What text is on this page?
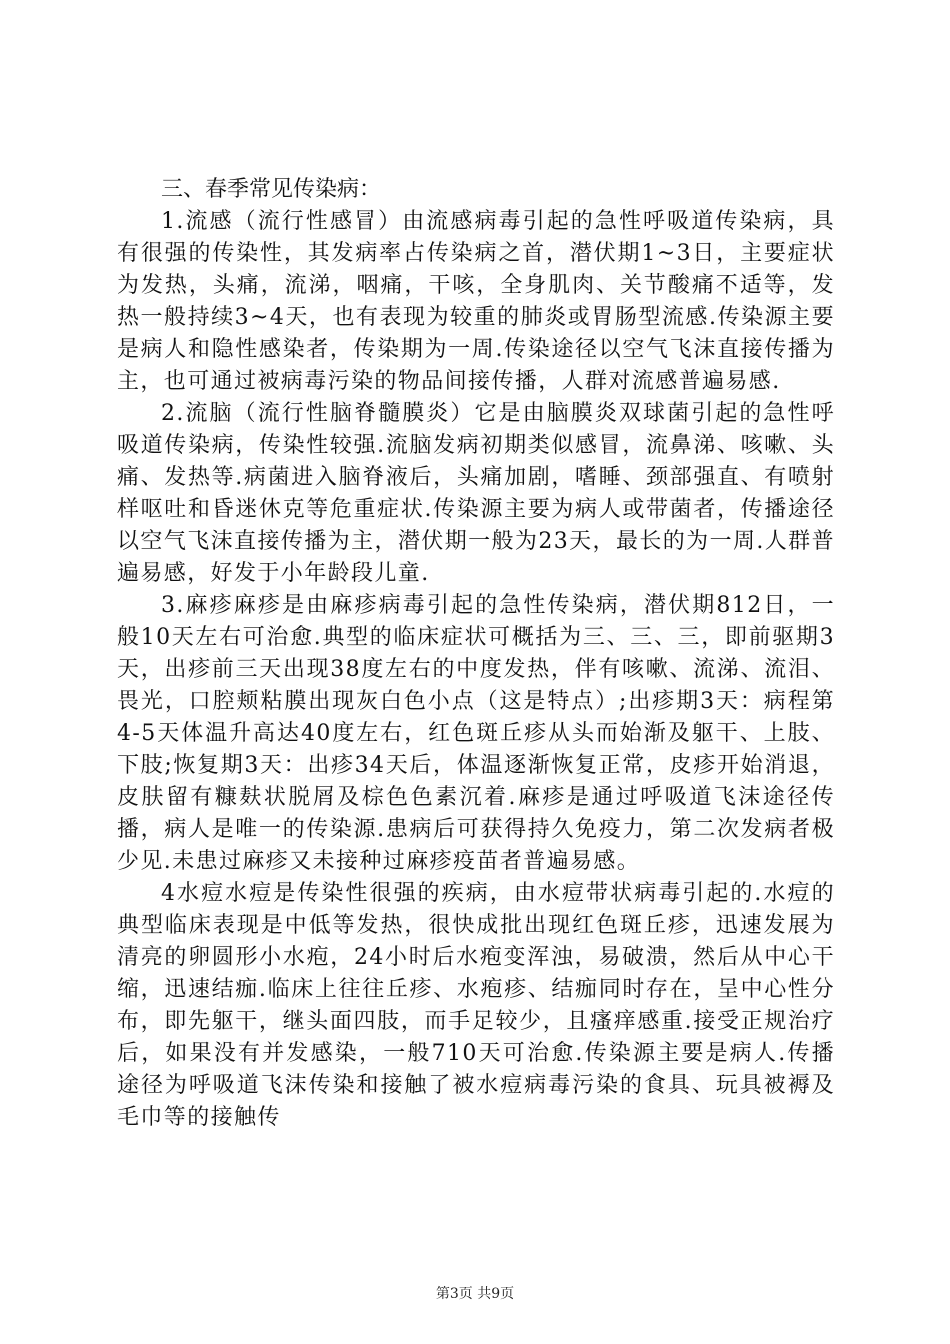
三、春季常见传染病：

1.流感（流行性感冒）由流感病毒引起的急性呼吸道传染病，具有很强的传染性，其发病率占传染病之首，潜伏期1~3日，主要症状为发热，头痛，流涕，咽痛，干咳，全身肌肉、关节酸痛不适等，发热一般持续3~4天，也有表现为较重的肺炎或胃肠型流感.传染源主要是病人和隐性感染者，传染期为一周.传染途径以空气飞沫直接传播为主，也可通过被病毒污染的物品间接传播，人群对流感普遍易感.

2.流脑（流行性脑脊髓膜炎）它是由脑膜炎双球菌引起的急性呼吸道传染病，传染性较强.流脑发病初期类似感冒，流鼻涕、咳嗽、头痛、发热等.病菌进入脑脊液后，头痛加剧，嗜睡、颈部强直、有喷射样呕吐和昏迷休克等危重症状.传染源主要为病人或带菌者，传播途径以空气飞沫直接传播为主，潜伏期一般为23天，最长的为一周.人群普遍易感，好发于小年龄段儿童.

3.麻疹麻疹是由麻疹病毒引起的急性传染病，潜伏期812日，一般10天左右可治愈.典型的临床症状可概括为三、三、三，即前驱期3天，出疹前三天出现38度左右的中度发热，伴有咳嗽、流涕、流泪、畏光，口腔颊粘膜出现灰白色小点（这是特点）;出疹期3天：病程第4-5天体温升高达40度左右，红色斑丘疹从头而始渐及躯干、上肢、下肢;恢复期3天：出疹34天后，体温逐渐恢复正常，皮疹开始消退，皮肤留有糠麸状脱屑及棕色色素沉着.麻疹是通过呼吸道飞沫途径传播，病人是唯一的传染源.患病后可获得持久免疫力，第二次发病者极少见.未患过麻疹又未接种过麻疹疫苗者普遍易感。

4水痘水痘是传染性很强的疾病，由水痘带状病毒引起的.水痘的典型临床表现是中低等发热，很快成批出现红色斑丘疹，迅速发展为清亮的卵圆形小水疱，24小时后水疱变浑浊，易破溃，然后从中心干缩，迅速结痂.临床上往往丘疹、水疱疹、结痂同时存在，呈中心性分布，即先躯干，继头面四肢，而手足较少，且瘙痒感重.接受正规治疗后，如果没有并发感染，一般710天可治愈.传染源主要是病人.传播途径为呼吸道飞沫传染和接触了被水痘病毒污染的食具、玩具被褥及毛巾等的接触传

第3页 共9页
